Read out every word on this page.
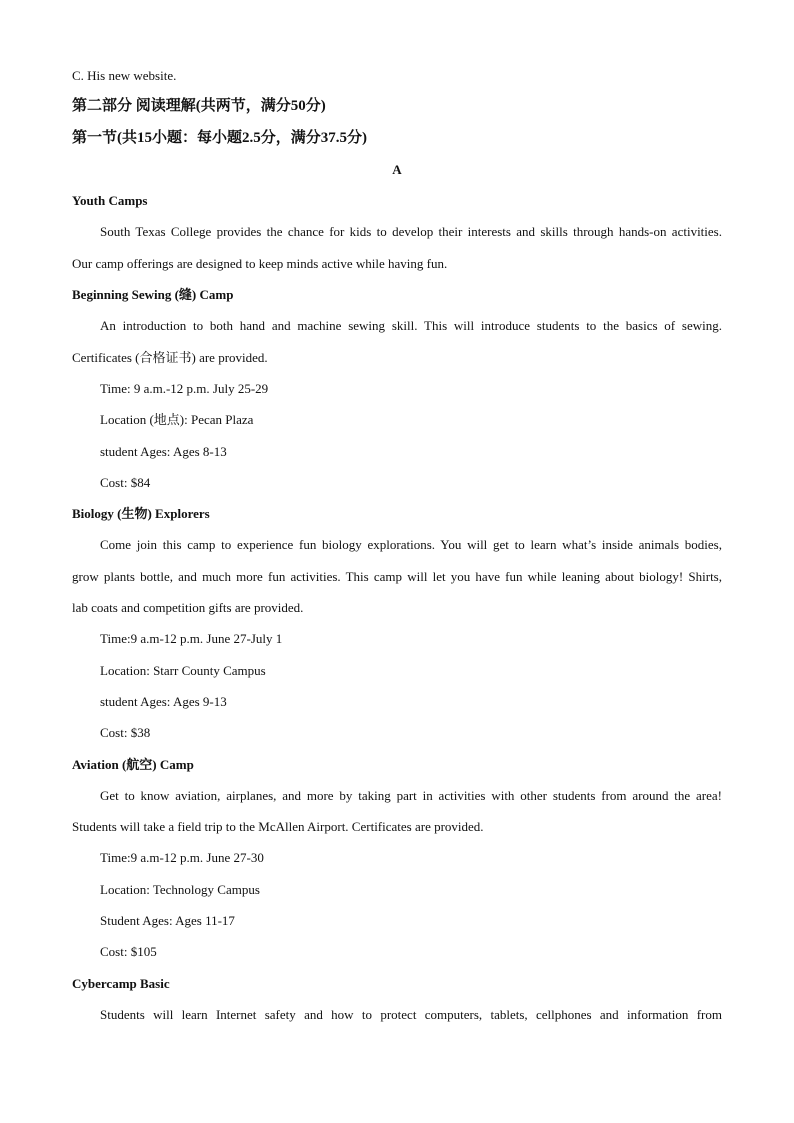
C. His new website.
第二部分 阅读理解(共两节，满分50分)
第一节(共15小题：每小题2.5分，满分37.5分)
A
Youth Camps
South Texas College provides the chance for kids to develop their interests and skills through hands-on activities.
Our camp offerings are designed to keep minds active while having fun.
Beginning Sewing (缝) Camp
An introduction to both hand and machine sewing skill. This will introduce students to the basics of sewing.
Certificates (合格证书) are provided.
Time: 9 a.m.-12 p.m. July 25-29
Location (地点): Pecan Plaza
student Ages: Ages 8-13
Cost: $84
Biology (生物) Explorers
Come join this camp to experience fun biology explorations. You will get to learn what’s inside animals bodies,
grow plants bottle, and much more fun activities. This camp will let you have fun while leaning about biology! Shirts,
lab coats and competition gifts are provided.
Time:9 a.m-12 p.m. June 27-July 1
Location: Starr County Campus
student Ages: Ages 9-13
Cost: $38
Aviation (航空) Camp
Get to know aviation, airplanes, and more by taking part in activities with other students from around the area!
Students will take a field trip to the McAllen Airport. Certificates are provided.
Time:9 a.m-12 p.m. June 27-30
Location: Technology Campus
Student Ages: Ages 11-17
Cost: $105
Cybercamp Basic
Students will learn Internet safety and how to protect computers, tablets, cellphones and information from
